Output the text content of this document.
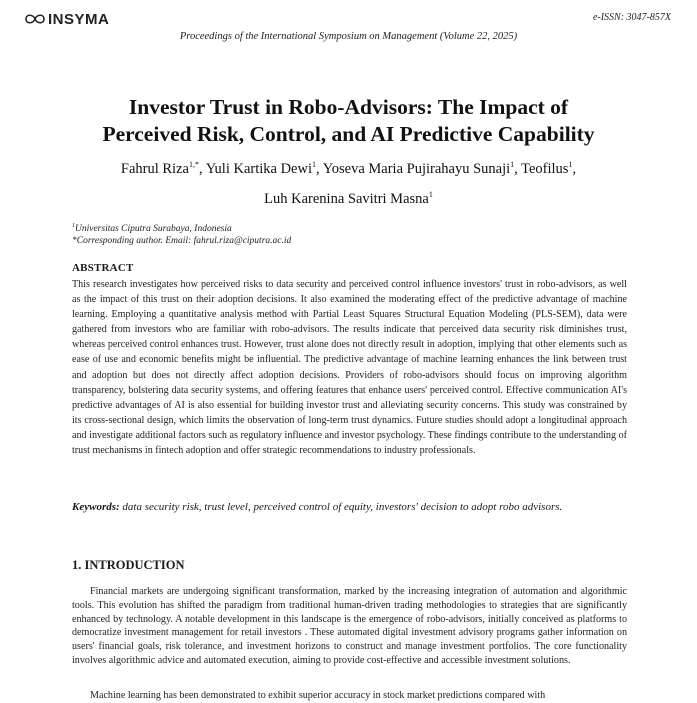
INSYMA	e-ISSN: 3047-857X
Proceedings of the International Symposium on Management (Volume 22, 2025)
Investor Trust in Robo-Advisors: The Impact of
Perceived Risk, Control, and AI Predictive Capability
Fahrul Riza$^{1,*}$, Yuli Kartika Dewi$^1$, Yoseva Maria Pujirahayu Sunaji$^1$, Teofilus$^1$,
Luh Karenina Savitri Masna$^1$
$^1$Universitas Ciputra Surabaya, Indonesia
*Corresponding author. Email: fahrul.riza@ciputra.ac.id
ABSTRACT
This research investigates how perceived risks to data security and perceived control influence investors' trust in robo-advisors, as well as the impact of this trust on their adoption decisions. It also examined the moderating effect of the predictive advantage of machine learning. Employing a quantitative analysis method with Partial Least Squares Structural Equation Modeling (PLS-SEM), data were gathered from investors who are familiar with robo-advisors. The results indicate that perceived data security risk diminishes trust, whereas perceived control enhances trust. However, trust alone does not directly result in adoption, implying that other elements such as ease of use and economic benefits might be influential. The predictive advantage of machine learning enhances the link between trust and adoption but does not directly affect adoption decisions. Providers of robo-advisors should focus on improving algorithm transparency, bolstering data security systems, and offering features that enhance users' perceived control. Effective communication AI's predictive advantages of AI is also essential for building investor trust and alleviating security concerns. This study was constrained by its cross-sectional design, which limits the observation of long-term trust dynamics. Future studies should adopt a longitudinal approach and investigate additional factors such as regulatory influence and investor psychology. These findings contribute to the understanding of trust mechanisms in fintech adoption and offer strategic recommendations to industry professionals.
Keywords: data security risk, trust level, perceived control of equity, investors' decision to adopt robo advisors.
1. INTRODUCTION
Financial markets are undergoing significant transformation, marked by the increasing integration of automation and algorithmic tools. This evolution has shifted the paradigm from traditional human-driven trading methodologies to strategies that are significantly enhanced by technology. A notable development in this landscape is the emergence of robo-advisors, initially conceived as platforms to democratize investment management for retail investors . These automated digital investment advisory programs gather information on users' financial goals, risk tolerance, and investment horizons to construct and manage investment portfolios. The core functionality involves algorithmic advice and automated execution, aiming to provide cost-effective and accessible investment solutions.
Machine learning has been demonstrated to exhibit superior accuracy in stock market predictions compared with
